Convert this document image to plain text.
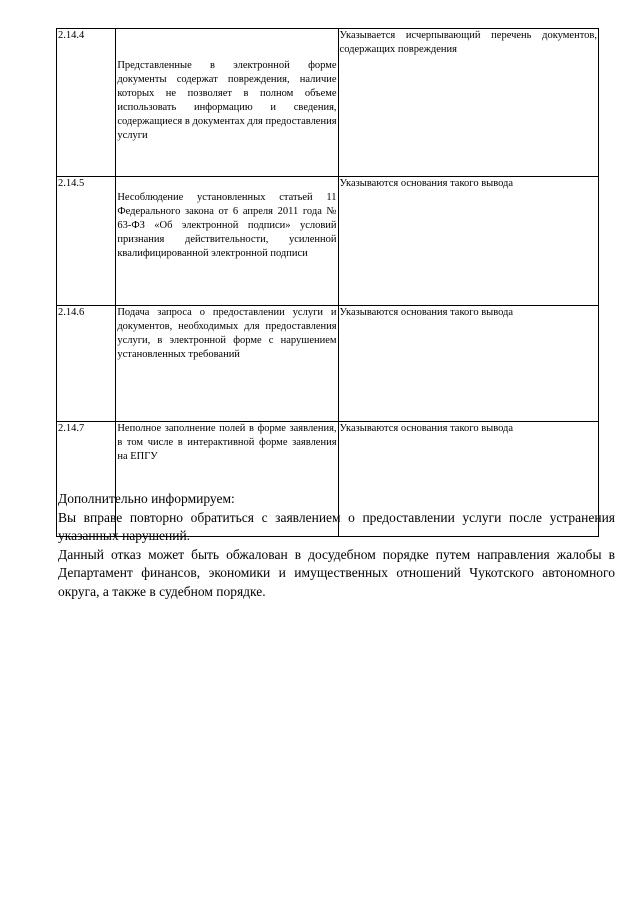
2.14.4	Представленные в электронной форме документы содержат повреждения, наличие которых не позволяет в полном объеме использовать информацию и сведения, содержащиеся в документах для предоставления услуги	Указывается исчерпывающий перечень документов, содержащих повреждения
2.14.5	Несоблюдение установленных статьей 11 Федерального закона от 6 апреля 2011 года № 63-ФЗ «Об электронной подписи» условий признания действительности, усиленной квалифицированной электронной подписи	Указываются основания такого вывода
2.14.6	Подача запроса о предоставлении услуги и документов, необходимых для предоставления услуги, в электронной форме с нарушением установленных требований	Указываются основания такого вывода
2.14.7	Неполное заполнение полей в форме заявления, в том числе в интерактивной форме заявления на ЕПГУ	Указываются основания такого вывода

Дополнительно информируем:

Вы вправе повторно обратиться с заявлением о предоставлении услуги после устранения указанных нарушений.

Данный отказ может быть обжалован в досудебном порядке путем направления жалобы в Департамент финансов, экономики и имущественных отношений Чукотского автономного округа, а также в судебном порядке.
